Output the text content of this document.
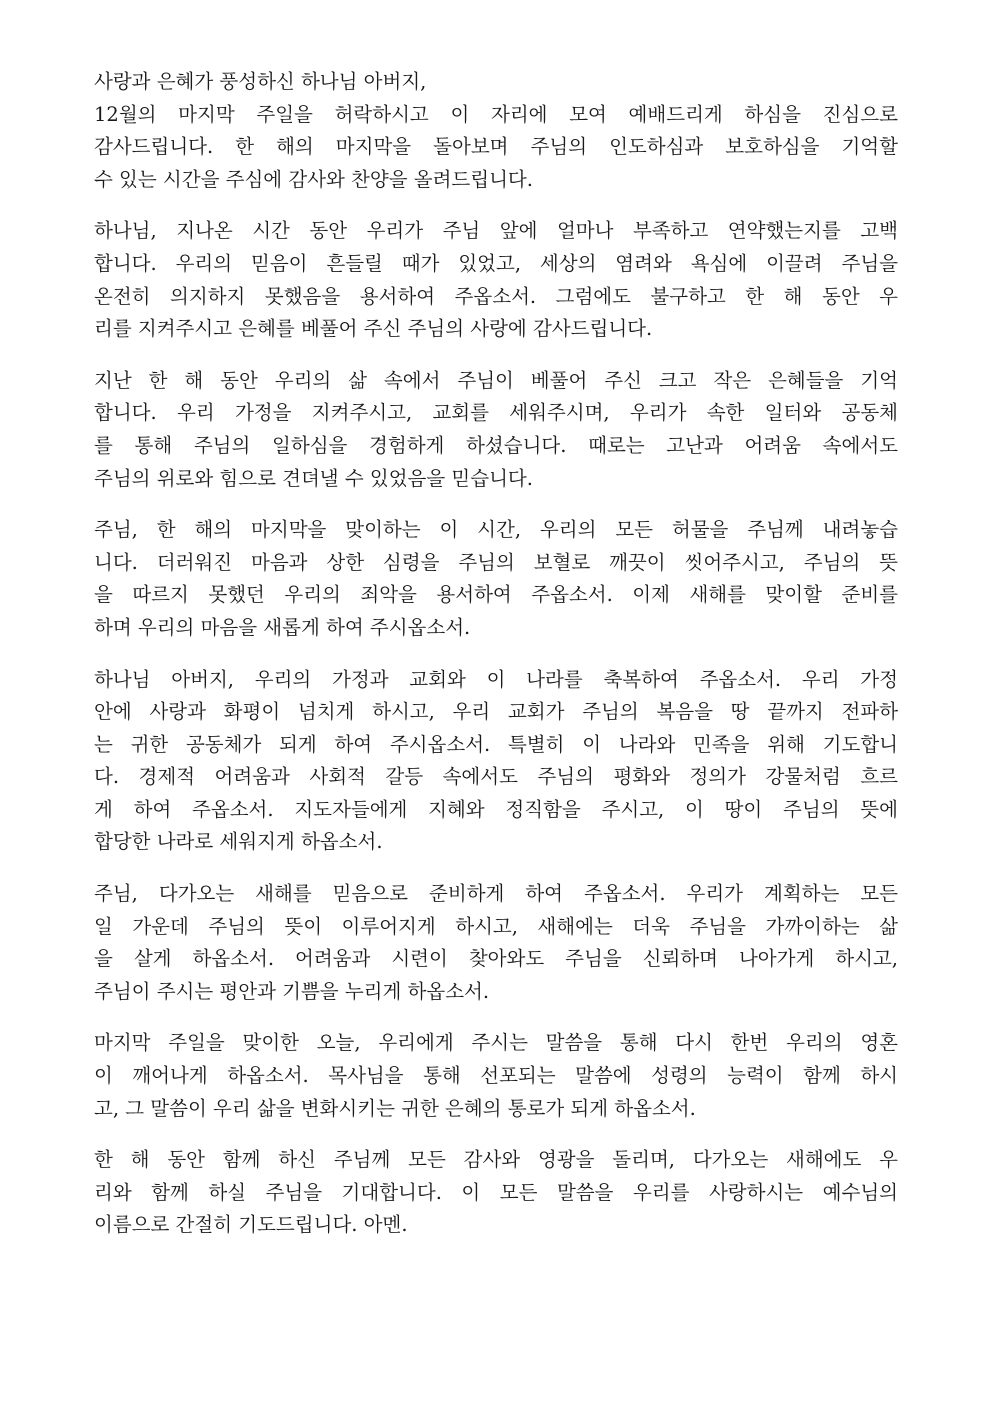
사랑과 은혜가 풍성하신 하나님 아버지,
12월의 마지막 주일을 허락하시고 이 자리에 모여 예배드리게 하심을 진심으로
감사드립니다. 한 해의 마지막을 돌아보며 주님의 인도하심과 보호하심을 기억할
수 있는 시간을 주심에 감사와 찬양을 올려드립니다.
하나님, 지나온 시간 동안 우리가 주님 앞에 얼마나 부족하고 연약했는지를 고백
합니다. 우리의 믿음이 흔들릴 때가 있었고, 세상의 염려와 욕심에 이끌려 주님을
온전히 의지하지 못했음을 용서하여 주옵소서. 그럼에도 불구하고 한 해 동안 우
리를 지켜주시고 은혜를 베풀어 주신 주님의 사랑에 감사드립니다.
지난 한 해 동안 우리의 삶 속에서 주님이 베풀어 주신 크고 작은 은혜들을 기억
합니다. 우리 가정을 지켜주시고, 교회를 세워주시며, 우리가 속한 일터와 공동체
를 통해 주님의 일하심을 경험하게 하셨습니다. 때로는 고난과 어려움 속에서도
주님의 위로와 힘으로 견뎌낼 수 있었음을 믿습니다.
주님, 한 해의 마지막을 맞이하는 이 시간, 우리의 모든 허물을 주님께 내려놓습
니다. 더러워진 마음과 상한 심령을 주님의 보혈로 깨끗이 씻어주시고, 주님의 뜻
을 따르지 못했던 우리의 죄악을 용서하여 주옵소서. 이제 새해를 맞이할 준비를
하며 우리의 마음을 새롭게 하여 주시옵소서.
하나님 아버지, 우리의 가정과 교회와 이 나라를 축복하여 주옵소서. 우리 가정
안에 사랑과 화평이 넘치게 하시고, 우리 교회가 주님의 복음을 땅 끝까지 전파하
는 귀한 공동체가 되게 하여 주시옵소서. 특별히 이 나라와 민족을 위해 기도합니
다. 경제적 어려움과 사회적 갈등 속에서도 주님의 평화와 정의가 강물처럼 흐르
게 하여 주옵소서. 지도자들에게 지혜와 정직함을 주시고, 이 땅이 주님의 뜻에
합당한 나라로 세워지게 하옵소서.
주님, 다가오는 새해를 믿음으로 준비하게 하여 주옵소서. 우리가 계획하는 모든
일 가운데 주님의 뜻이 이루어지게 하시고, 새해에는 더욱 주님을 가까이하는 삶
을 살게 하옵소서. 어려움과 시련이 찾아와도 주님을 신뢰하며 나아가게 하시고,
주님이 주시는 평안과 기쁨을 누리게 하옵소서.
마지막 주일을 맞이한 오늘, 우리에게 주시는 말씀을 통해 다시 한번 우리의 영혼
이 깨어나게 하옵소서. 목사님을 통해 선포되는 말씀에 성령의 능력이 함께 하시
고, 그 말씀이 우리 삶을 변화시키는 귀한 은혜의 통로가 되게 하옵소서.
한 해 동안 함께 하신 주님께 모든 감사와 영광을 돌리며, 다가오는 새해에도 우
리와 함께 하실 주님을 기대합니다. 이 모든 말씀을 우리를 사랑하시는 예수님의
이름으로 간절히 기도드립니다. 아멘.
